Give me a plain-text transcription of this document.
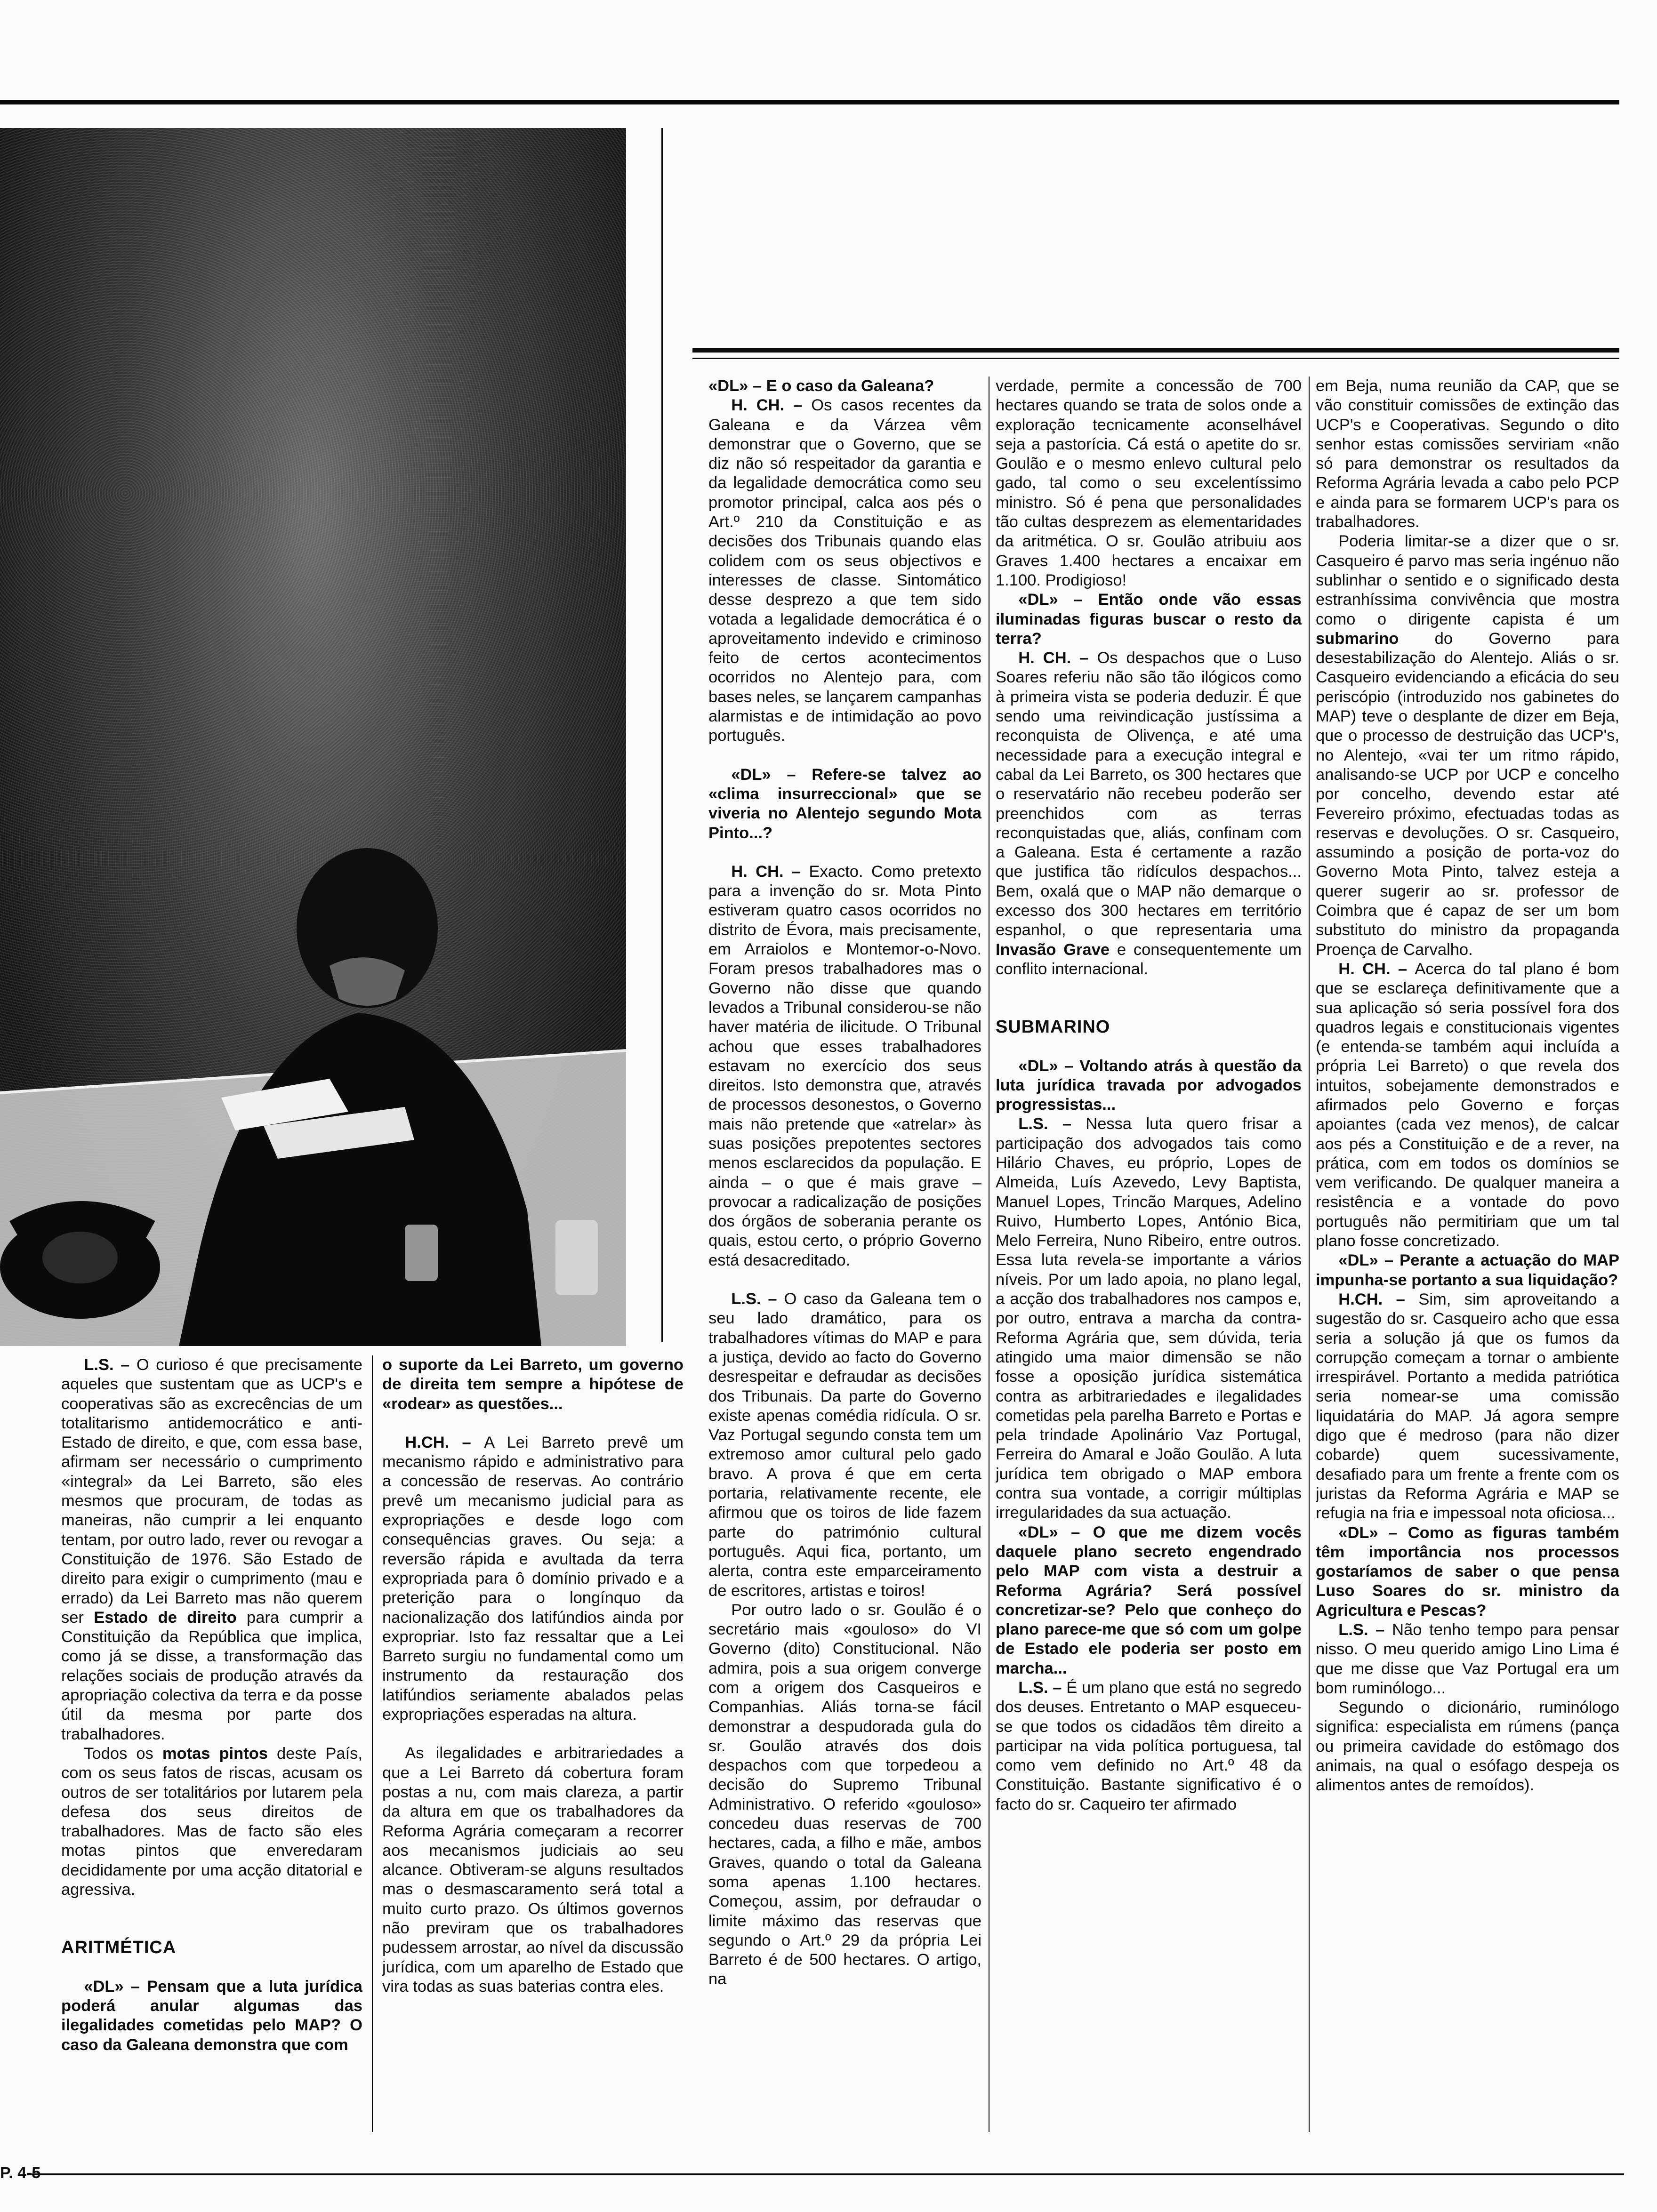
L.S. – O curioso é que precisamente aqueles que sustentam que as UCP's e cooperativas são as excrecências de um totalitarismo antidemocrático e anti-Estado de direito, e que, com essa base, afirmam ser necessário o cumprimento «integral» da Lei Barreto, são eles mesmos que procuram, de todas as maneiras, não cumprir a lei enquanto tentam, por outro lado, rever ou revogar a Constituição de 1976. São Estado de direito para exigir o cumprimento (mau e errado) da Lei Barreto mas não querem ser Estado de direito para cumprir a Constituição da República que implica, como já se disse, a transformação das relações sociais de produção através da apropriação colectiva da terra e da posse útil da mesma por parte dos trabalhadores.

Todos os motas pintos deste País, com os seus fatos de riscas, acusam os outros de ser totalitários por lutarem pela defesa dos seus direitos de trabalhadores. Mas de facto são eles motas pintos que enveredaram decididamente por uma acção ditatorial e agressiva.

ARITMÉTICA

«DL» – Pensam que a luta jurídica poderá anular algumas das ilegalidades cometidas pelo MAP? O caso da Galeana demonstra que com

o suporte da Lei Barreto, um governo de direita tem sempre a hipótese de «rodear» as questões...

H.CH. – A Lei Barreto prevê um mecanismo rápido e administrativo para a concessão de reservas. Ao contrário prevê um mecanismo judicial para as expropriações e desde logo com consequências graves. Ou seja: a reversão rápida e avultada da terra expropriada para ô domínio privado e a preterição para o longínquo da nacionalização dos latifúndios ainda por expropriar. Isto faz ressaltar que a Lei Barreto surgiu no fundamental como um instrumento da restauração dos latifúndios seriamente abalados pelas expropriações esperadas na altura.

As ilegalidades e arbitrariedades a que a Lei Barreto dá cobertura foram postas a nu, com mais clareza, a partir da altura em que os trabalhadores da Reforma Agrária começaram a recorrer aos mecanismos judiciais ao seu alcance. Obtiveram-se alguns resultados mas o desmascaramento será total a muito curto prazo. Os últimos governos não previram que os trabalhadores pudessem arrostar, ao nível da discussão jurídica, com um aparelho de Estado que vira todas as suas baterias contra eles.

«DL» – E o caso da Galeana?

H. CH. – Os casos recentes da Galeana e da Várzea vêm demonstrar que o Governo, que se diz não só respeitador da garantia e da legalidade democrática como seu promotor principal, calca aos pés o Art.º 210 da Constituição e as decisões dos Tribunais quando elas colidem com os seus objectivos e interesses de classe. Sintomático desse desprezo a que tem sido votada a legalidade democrática é o aproveitamento indevido e criminoso feito de certos acontecimentos ocorridos no Alentejo para, com bases neles, se lançarem campanhas alarmistas e de intimidação ao povo português.

«DL» – Refere-se talvez ao «clima insurreccional» que se viveria no Alentejo segundo Mota Pinto...?

H. CH. – Exacto. Como pretexto para a invenção do sr. Mota Pinto estiveram quatro casos ocorridos no distrito de Évora, mais precisamente, em Arraiolos e Montemor-o-Novo. Foram presos trabalhadores mas o Governo não disse que quando levados a Tribunal considerou-se não haver matéria de ilicitude. O Tribunal achou que esses trabalhadores estavam no exercício dos seus direitos. Isto demonstra que, através de processos desonestos, o Governo mais não pretende que «atrelar» às suas posições prepotentes sectores menos esclarecidos da população. E ainda – o que é mais grave – provocar a radicalização de posições dos órgãos de soberania perante os quais, estou certo, o próprio Governo está desacreditado.

L.S. – O caso da Galeana tem o seu lado dramático, para os trabalhadores vítimas do MAP e para a justiça, devido ao facto do Governo desrespeitar e defraudar as decisões dos Tribunais. Da parte do Governo existe apenas comédia ridícula. O sr. Vaz Portugal segundo consta tem um extremoso amor cultural pelo gado bravo. A prova é que em certa portaria, relativamente recente, ele afirmou que os toiros de lide fazem parte do património cultural português. Aqui fica, portanto, um alerta, contra este emparceiramento de escritores, artistas e toiros!

Por outro lado o sr. Goulão é o secretário mais «gouloso» do VI Governo (dito) Constitucional. Não admira, pois a sua origem converge com a origem dos Casqueiros e Companhias. Aliás torna-se fácil demonstrar a despudorada gula do sr. Goulão através dos dois despachos com que torpedeou a decisão do Supremo Tribunal Administrativo. O referido «gouloso» concedeu duas reservas de 700 hectares, cada, a filho e mãe, ambos Graves, quando o total da Galeana soma apenas 1.100 hectares. Começou, assim, por defraudar o limite máximo das reservas que segundo o Art.º 29 da própria Lei Barreto é de 500 hectares. O artigo, na

verdade, permite a concessão de 700 hectares quando se trata de solos onde a exploração tecnicamente aconselhável seja a pastorícia. Cá está o apetite do sr. Goulão e o mesmo enlevo cultural pelo gado, tal como o seu excelentíssimo ministro. Só é pena que personalidades tão cultas desprezem as elementaridades da aritmética. O sr. Goulão atribuiu aos Graves 1.400 hectares a encaixar em 1.100. Prodigioso!

«DL» – Então onde vão essas iluminadas figuras buscar o resto da terra?

H. CH. – Os despachos que o Luso Soares referiu não são tão ilógicos como à primeira vista se poderia deduzir. É que sendo uma reivindicação justíssima a reconquista de Olivença, e até uma necessidade para a execução integral e cabal da Lei Barreto, os 300 hectares que o reservatário não recebeu poderão ser preenchidos com as terras reconquistadas que, aliás, confinam com a Galeana. Esta é certamente a razão que justifica tão ridículos despachos... Bem, oxalá que o MAP não demarque o excesso dos 300 hectares em território espanhol, o que representaria uma Invasão Grave e consequentemente um conflito internacional.

SUBMARINO

«DL» – Voltando atrás à questão da luta jurídica travada por advogados progressistas...

L.S. – Nessa luta quero frisar a participação dos advogados tais como Hilário Chaves, eu próprio, Lopes de Almeida, Luís Azevedo, Levy Baptista, Manuel Lopes, Trincão Marques, Adelino Ruivo, Humberto Lopes, António Bica, Melo Ferreira, Nuno Ribeiro, entre outros. Essa luta revela-se importante a vários níveis. Por um lado apoia, no plano legal, a acção dos trabalhadores nos campos e, por outro, entrava a marcha da contra-Reforma Agrária que, sem dúvida, teria atingido uma maior dimensão se não fosse a oposição jurídica sistemática contra as arbitrariedades e ilegalidades cometidas pela parelha Barreto e Portas e pela trindade Apolinário Vaz Portugal, Ferreira do Amaral e João Goulão. A luta jurídica tem obrigado o MAP embora contra sua vontade, a corrigir múltiplas irregularidades da sua actuação.

«DL» – O que me dizem vocês daquele plano secreto engendrado pelo MAP com vista a destruir a Reforma Agrária? Será possível concretizar-se? Pelo que conheço do plano parece-me que só com um golpe de Estado ele poderia ser posto em marcha...

L.S. – É um plano que está no segredo dos deuses. Entretanto o MAP esqueceu-se que todos os cidadãos têm direito a participar na vida política portuguesa, tal como vem definido no Art.º 48 da Constituição. Bastante significativo é o facto do sr. Caqueiro ter afirmado

em Beja, numa reunião da CAP, que se vão constituir comissões de extinção das UCP's e Cooperativas. Segundo o dito senhor estas comissões serviriam «não só para demonstrar os resultados da Reforma Agrária levada a cabo pelo PCP e ainda para se formarem UCP's para os trabalhadores.

Poderia limitar-se a dizer que o sr. Casqueiro é parvo mas seria ingénuo não sublinhar o sentido e o significado desta estranhíssima convivência que mostra como o dirigente capista é um submarino do Governo para desestabilização do Alentejo. Aliás o sr. Casqueiro evidenciando a eficácia do seu periscópio (introduzido nos gabinetes do MAP) teve o desplante de dizer em Beja, que o processo de destruição das UCP's, no Alentejo, «vai ter um ritmo rápido, analisando-se UCP por UCP e concelho por concelho, devendo estar até Fevereiro próximo, efectuadas todas as reservas e devoluções. O sr. Casqueiro, assumindo a posição de porta-voz do Governo Mota Pinto, talvez esteja a querer sugerir ao sr. professor de Coimbra que é capaz de ser um bom substituto do ministro da propaganda Proença de Carvalho.

H. CH. – Acerca do tal plano é bom que se esclareça definitivamente que a sua aplicação só seria possível fora dos quadros legais e constitucionais vigentes (e entenda-se também aqui incluída a própria Lei Barreto) o que revela dos intuitos, sobejamente demonstrados e afirmados pelo Governo e forças apoiantes (cada vez menos), de calcar aos pés a Constituição e de a rever, na prática, com em todos os domínios se vem verificando. De qualquer maneira a resistência e a vontade do povo português não permitiriam que um tal plano fosse concretizado.

«DL» – Perante a actuação do MAP impunha-se portanto a sua liquidação?

H.CH. – Sim, sim aproveitando a sugestão do sr. Casqueiro acho que essa seria a solução já que os fumos da corrupção começam a tornar o ambiente irrespirável. Portanto a medida patriótica seria nomear-se uma comissão liquidatária do MAP. Já agora sempre digo que é medroso (para não dizer cobarde) quem sucessivamente, desafiado para um frente a frente com os juristas da Reforma Agrária e MAP se refugia na fria e impessoal nota oficiosa...

«DL» – Como as figuras também têm importância nos processos gostaríamos de saber o que pensa Luso Soares do sr. ministro da Agricultura e Pescas?

L.S. – Não tenho tempo para pensar nisso. O meu querido amigo Lino Lima é que me disse que Vaz Portugal era um bom ruminólogo...

Segundo o dicionário, ruminólogo significa: especialista em rúmens (pança ou primeira cavidade do estômago dos animais, na qual o esófago despeja os alimentos antes de remoídos).

P. 4-5
